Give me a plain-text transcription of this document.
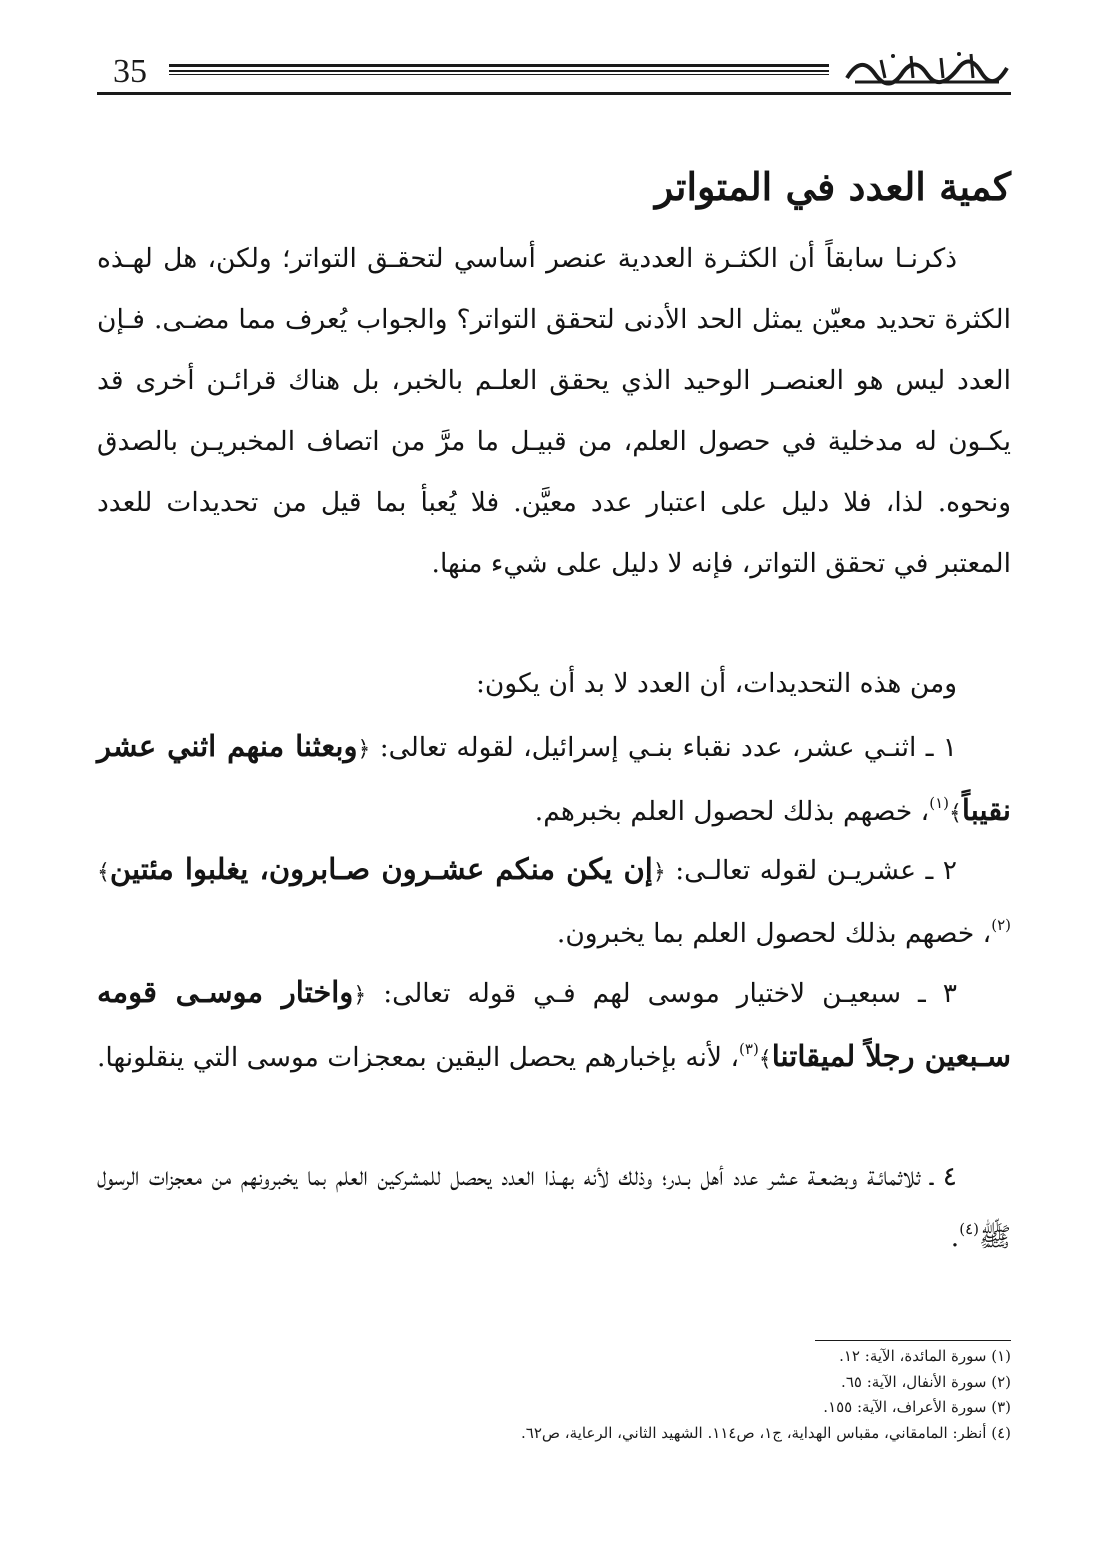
35
كمية العدد في المتواتر

ذكرنـا سابقاً أن الكثـرة العددية عنصر أساسي لتحقـق التواتر؛ ولكن، هل لهـذه الكثرة تحديد معيّن يمثل الحد الأدنى لتحقق التواتر؟ والجواب يُعرف مما مضـى. فـإن العدد ليس هو العنصـر الوحيد الذي يحقق العلـم بالخبر، بل هناك قرائـن أخرى قد يكـون له مدخلية في حصول العلم، من قبيـل ما مرَّ من اتصاف المخبريـن بالصدق ونحوه. لذا، فلا دليل على اعتبار عدد معيَّن. فلا يُعبأ بما قيل من تحديدات للعدد المعتبر في تحقق التواتر، فإنه لا دليل على شيء منها.

ومن هذه التحديدات، أن العدد لا بد أن يكون:

١ ـ اثنـي عشر، عدد نقباء بنـي إسرائيل، لقوله تعالى: ﴿وبعثنا منهم اثني عشر نقيباً﴾$^{(١)}$، خصهم بذلك لحصول العلم بخبرهم.

٢ ـ عشريـن لقوله تعالـى: ﴿إن يكن منكم عشـرون صـابرون، يغلبوا مئتين﴾$^{(٢)}$، خصهم بذلك لحصول العلم بما يخبرون.

٣ ـ سبعيـن لاختيار موسى لهم فـي قوله تعالى: ﴿واختار موسـى قومه سـبعين رجلاً لميقاتنا﴾$^{(٣)}$، لأنه بإخبارهم يحصل اليقين بمعجزات موسى التي ينقلونها.

٤ ـ ثلاثمائـة وبضعـة عشر عدد أهل بـدر؛ وذلك لأنه بهـذا العدد يحصل للمشركين العلم بما يخبرونهم من معجزات الرسول ﷺ$^{(٤)}$.

(١) سورة المائدة، الآية: ١٢.

(٢) سورة الأنفال، الآية: ٦٥.

(٣) سورة الأعراف، الآية: ١٥٥.

(٤) أنظر: المامقاني، مقباس الهداية، ج١، ص١١٤. الشهيد الثاني، الرعاية، ص٦٢.
